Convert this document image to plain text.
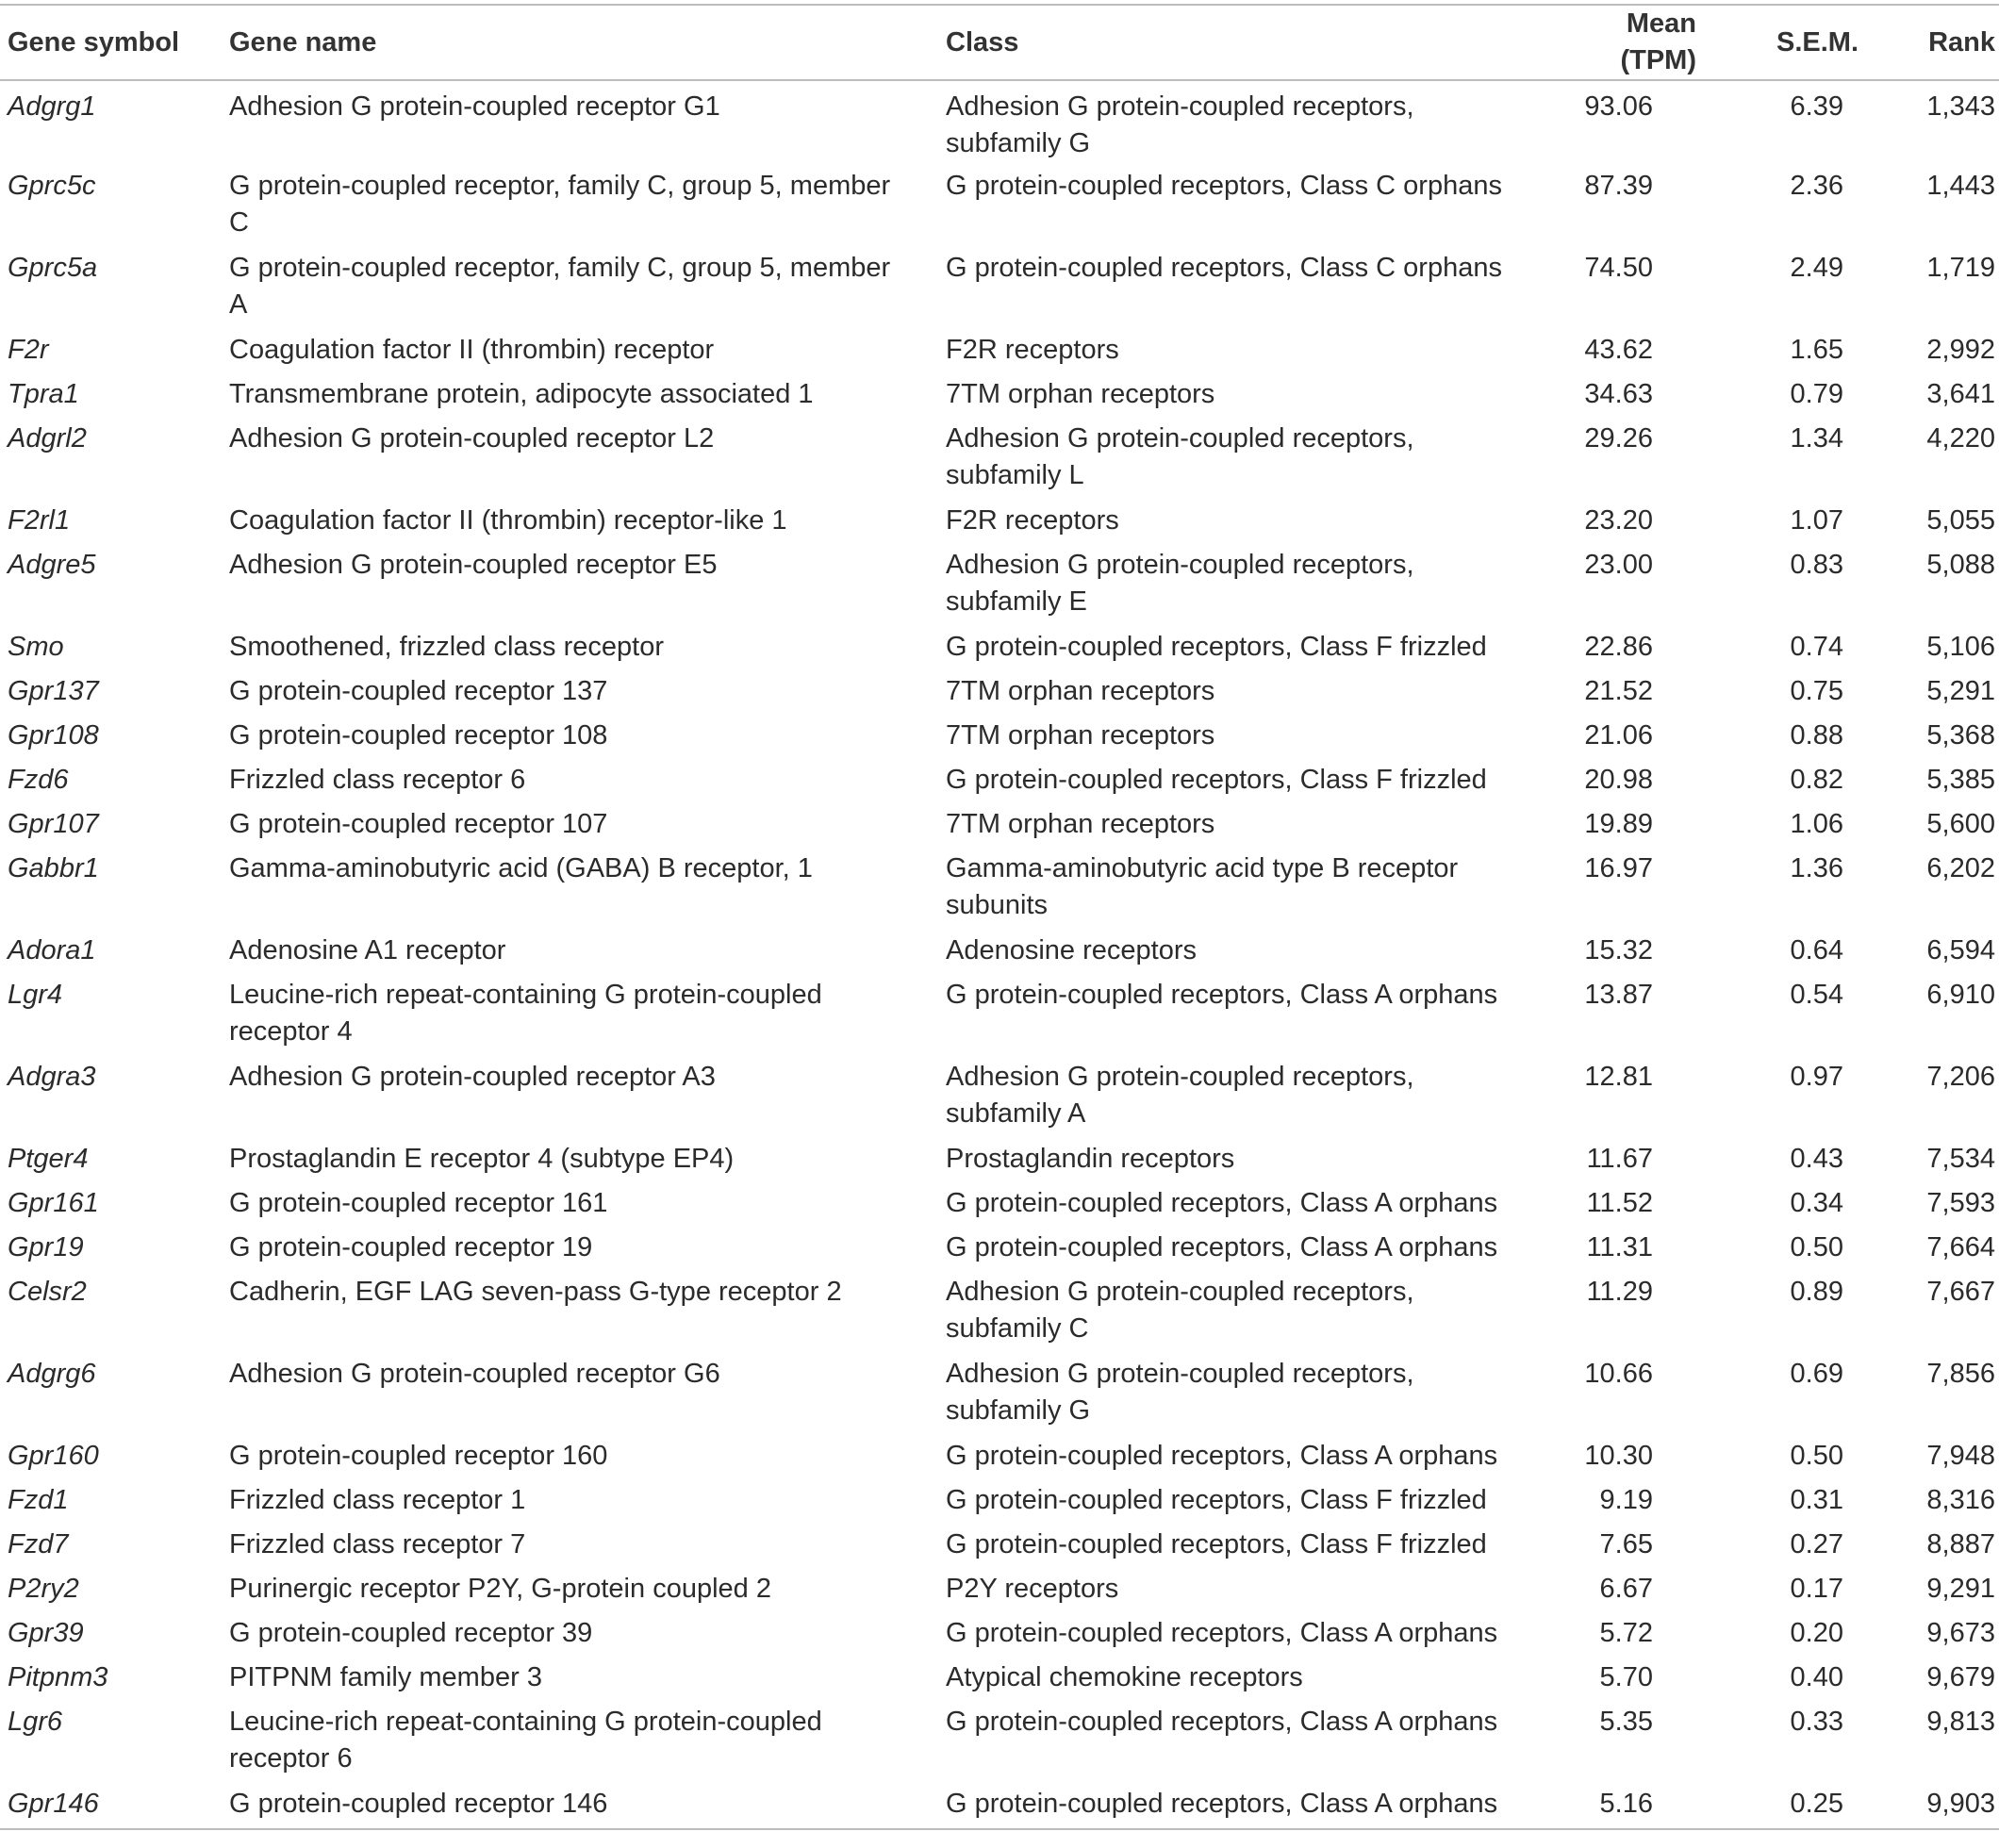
Gene symbol	Gene name	Class	Mean (TPM)	S.E.M.	Rank
Adgrg1	Adhesion G protein-coupled receptor G1	Adhesion G protein-coupled receptors, subfamily G	93.06	6.39	1,343
Gprc5c	G protein-coupled receptor, family C, group 5, member C	G protein-coupled receptors, Class C orphans	87.39	2.36	1,443
Gprc5a	G protein-coupled receptor, family C, group 5, member A	G protein-coupled receptors, Class C orphans	74.50	2.49	1,719
F2r	Coagulation factor II (thrombin) receptor	F2R receptors	43.62	1.65	2,992
Tpra1	Transmembrane protein, adipocyte associated 1	7TM orphan receptors	34.63	0.79	3,641
Adgrl2	Adhesion G protein-coupled receptor L2	Adhesion G protein-coupled receptors, subfamily L	29.26	1.34	4,220
F2rl1	Coagulation factor II (thrombin) receptor-like 1	F2R receptors	23.20	1.07	5,055
Adgre5	Adhesion G protein-coupled receptor E5	Adhesion G protein-coupled receptors, subfamily E	23.00	0.83	5,088
Smo	Smoothened, frizzled class receptor	G protein-coupled receptors, Class F frizzled	22.86	0.74	5,106
Gpr137	G protein-coupled receptor 137	7TM orphan receptors	21.52	0.75	5,291
Gpr108	G protein-coupled receptor 108	7TM orphan receptors	21.06	0.88	5,368
Fzd6	Frizzled class receptor 6	G protein-coupled receptors, Class F frizzled	20.98	0.82	5,385
Gpr107	G protein-coupled receptor 107	7TM orphan receptors	19.89	1.06	5,600
Gabbr1	Gamma-aminobutyric acid (GABA) B receptor, 1	Gamma-aminobutyric acid type B receptor subunits	16.97	1.36	6,202
Adora1	Adenosine A1 receptor	Adenosine receptors	15.32	0.64	6,594
Lgr4	Leucine-rich repeat-containing G protein-coupled receptor 4	G protein-coupled receptors, Class A orphans	13.87	0.54	6,910
Adgra3	Adhesion G protein-coupled receptor A3	Adhesion G protein-coupled receptors, subfamily A	12.81	0.97	7,206
Ptger4	Prostaglandin E receptor 4 (subtype EP4)	Prostaglandin receptors	11.67	0.43	7,534
Gpr161	G protein-coupled receptor 161	G protein-coupled receptors, Class A orphans	11.52	0.34	7,593
Gpr19	G protein-coupled receptor 19	G protein-coupled receptors, Class A orphans	11.31	0.50	7,664
Celsr2	Cadherin, EGF LAG seven-pass G-type receptor 2	Adhesion G protein-coupled receptors, subfamily C	11.29	0.89	7,667
Adgrg6	Adhesion G protein-coupled receptor G6	Adhesion G protein-coupled receptors, subfamily G	10.66	0.69	7,856
Gpr160	G protein-coupled receptor 160	G protein-coupled receptors, Class A orphans	10.30	0.50	7,948
Fzd1	Frizzled class receptor 1	G protein-coupled receptors, Class F frizzled	9.19	0.31	8,316
Fzd7	Frizzled class receptor 7	G protein-coupled receptors, Class F frizzled	7.65	0.27	8,887
P2ry2	Purinergic receptor P2Y, G-protein coupled 2	P2Y receptors	6.67	0.17	9,291
Gpr39	G protein-coupled receptor 39	G protein-coupled receptors, Class A orphans	5.72	0.20	9,673
Pitpnm3	PITPNM family member 3	Atypical chemokine receptors	5.70	0.40	9,679
Lgr6	Leucine-rich repeat-containing G protein-coupled receptor 6	G protein-coupled receptors, Class A orphans	5.35	0.33	9,813
Gpr146	G protein-coupled receptor 146	G protein-coupled receptors, Class A orphans	5.16	0.25	9,903
